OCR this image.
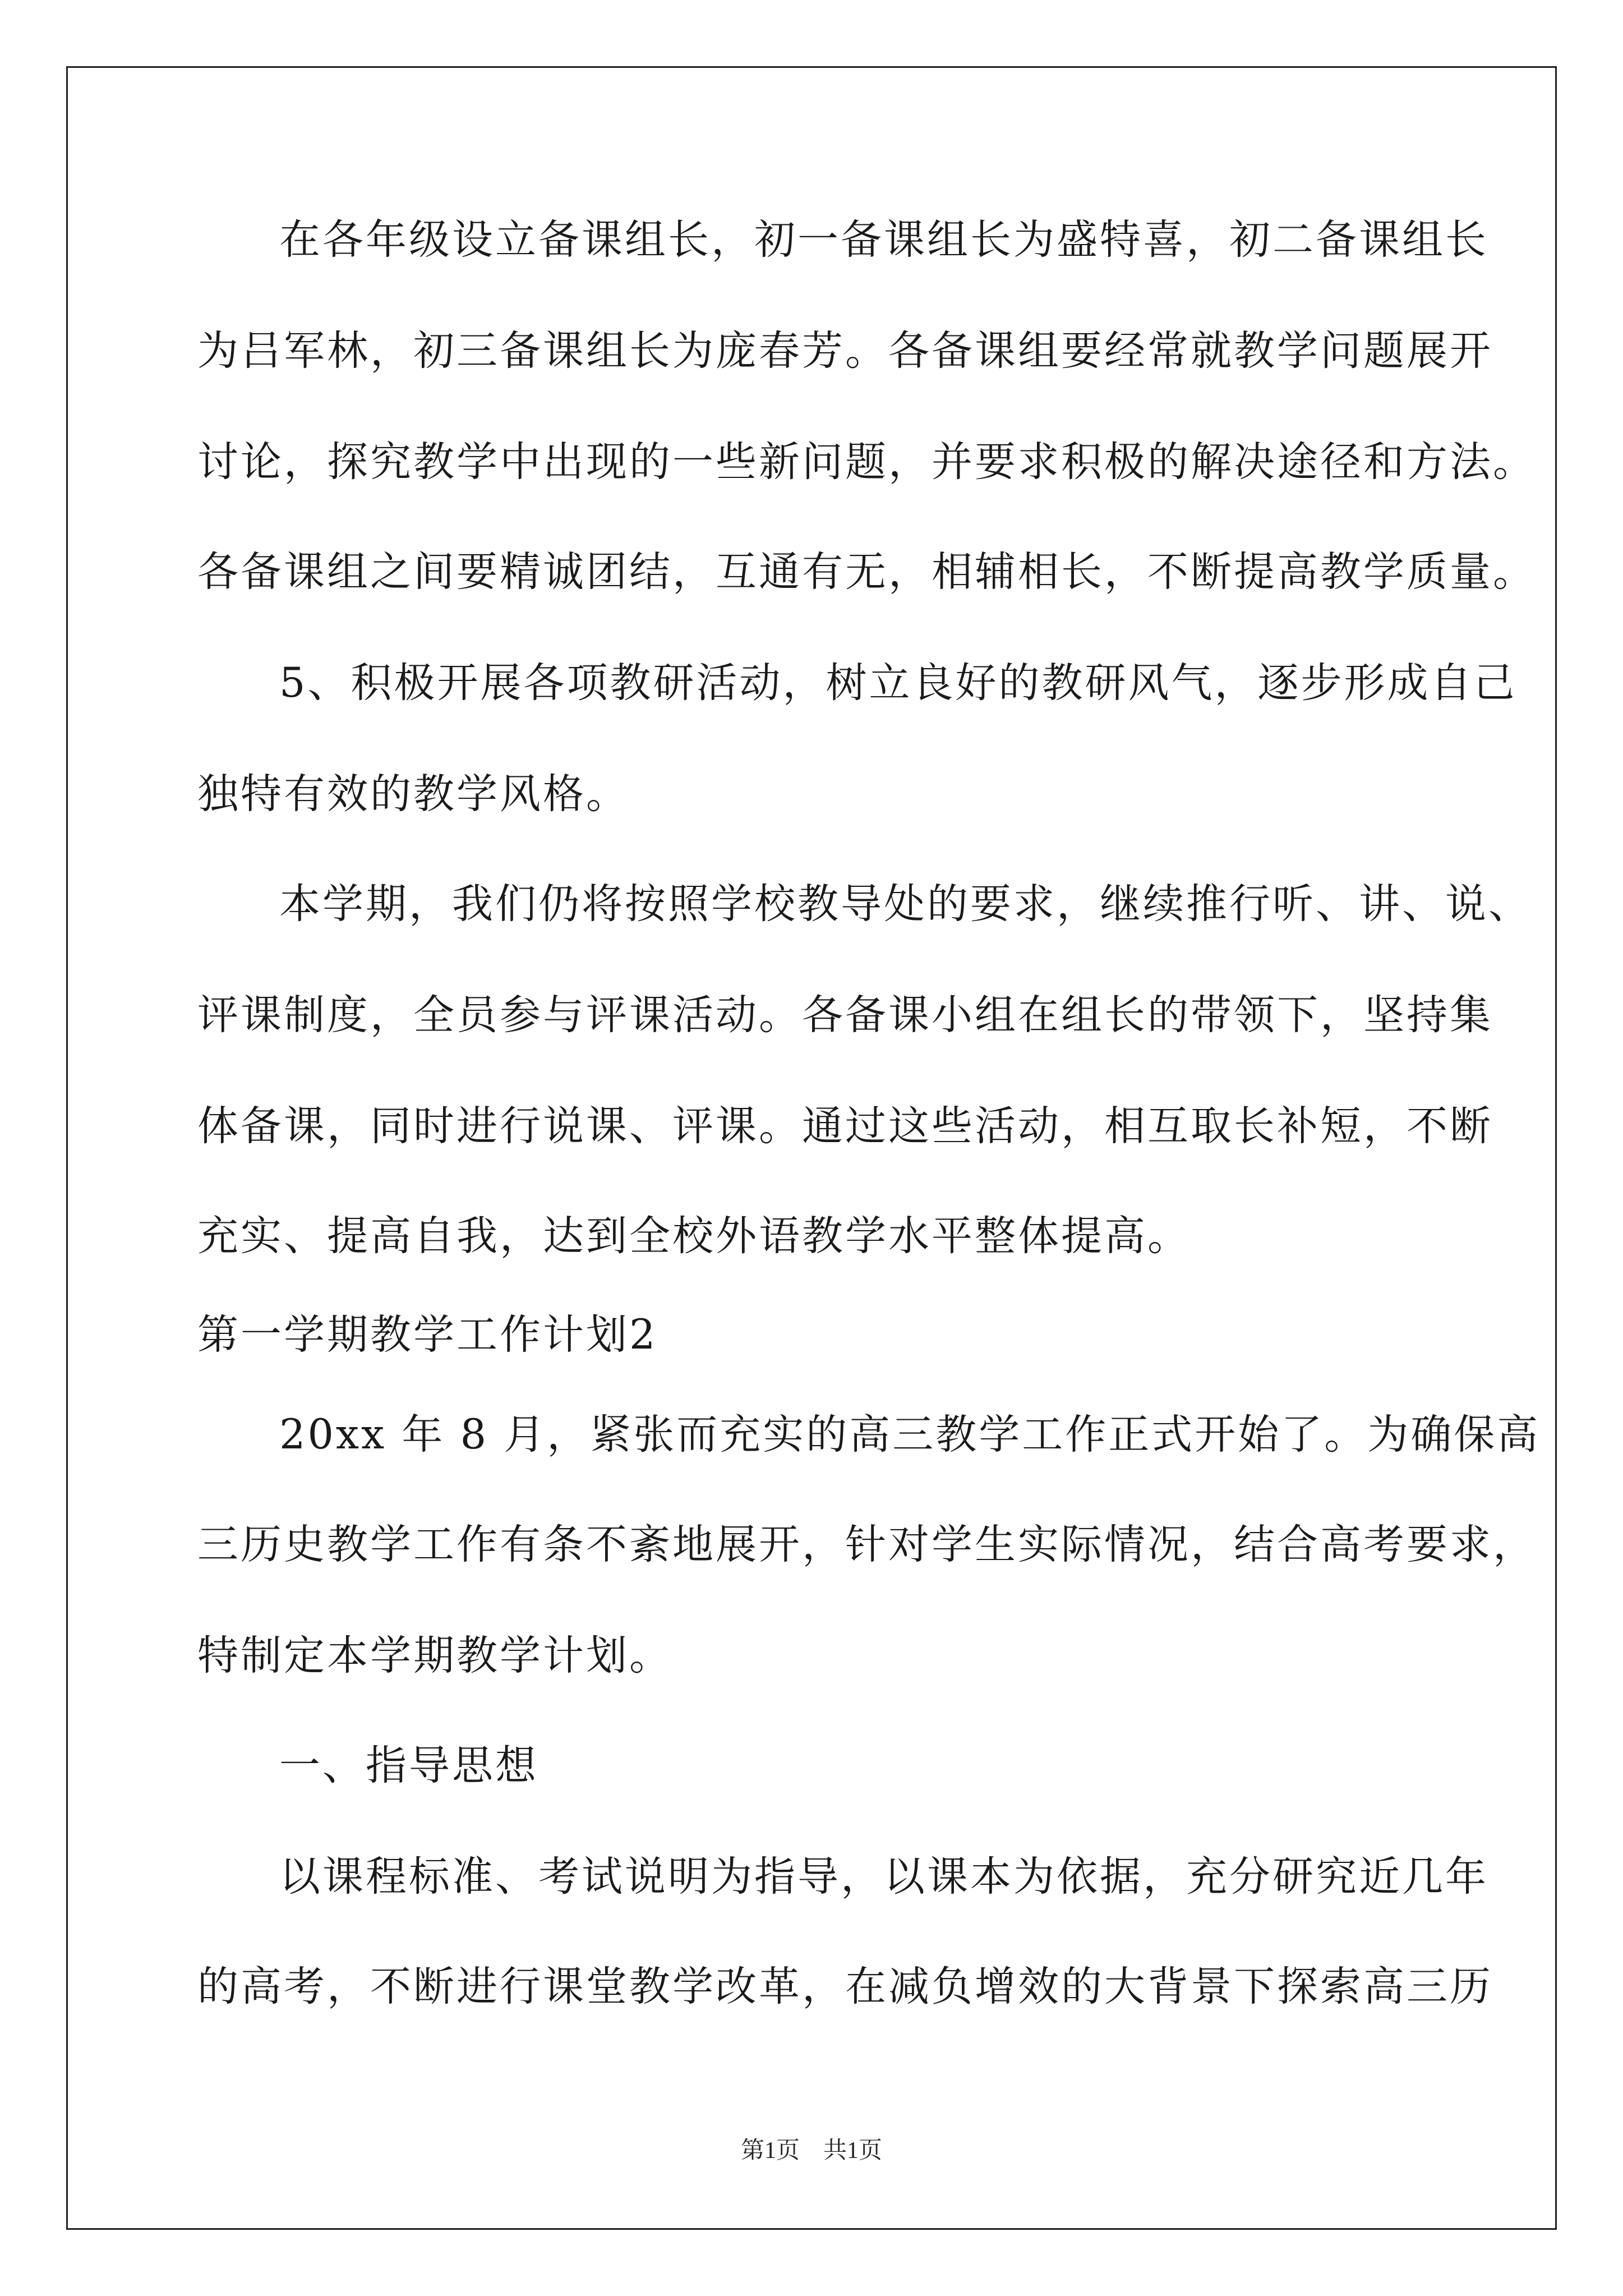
在各年级设立备课组长，初一备课组长为盛特喜，初二备课组长
为吕军林，初三备课组长为庞春芳。各备课组要经常就教学问题展开
讨论，探究教学中出现的一些新问题，并要求积极的解决途径和方法。
各备课组之间要精诚团结，互通有无，相辅相长，不断提高教学质量。
5、积极开展各项教研活动，树立良好的教研风气，逐步形成自己
独特有效的教学风格。
本学期，我们仍将按照学校教导处的要求，继续推行听、讲、说、
评课制度，全员参与评课活动。各备课小组在组长的带领下，坚持集
体备课，同时进行说课、评课。通过这些活动，相互取长补短，不断
充实、提高自我，达到全校外语教学水平整体提高。
第一学期教学工作计划2
20xx 年 8 月，紧张而充实的高三教学工作正式开始了。为确保高
三历史教学工作有条不紊地展开，针对学生实际情况，结合高考要求，
特制定本学期教学计划。
一、指导思想
以课程标准、考试说明为指导，以课本为依据，充分研究近几年
的高考，不断进行课堂教学改革，在减负增效的大背景下探索高三历
第1页　共1页
